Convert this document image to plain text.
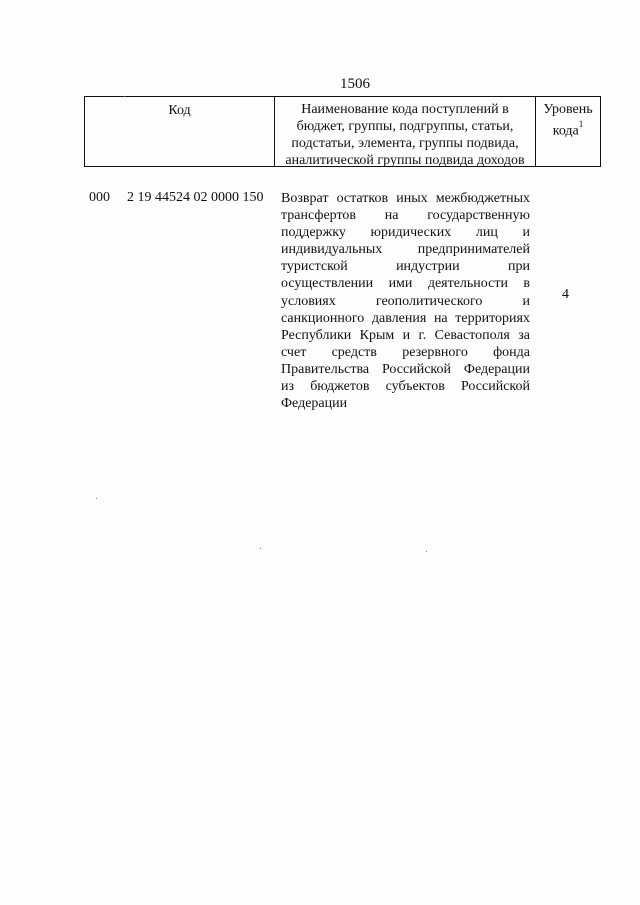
1506
Код	Наименование кода поступлений в
бюджет, группы, подгруппы, статьи,
подстатьи, элемента, группы подвида,
аналитической группы подвида доходов
Уровень
кода$^1$
000 2 19 44524 02 0000 150 Возврат остатков иных межбюджетных
трансфертов на государственную
поддержку юридических лиц и
индивидуальных предпринимателей
туристской индустрии при
осуществлении ими деятельности в
условиях геополитического и
санкционного давления на территориях
Республики Крым и г. Севастополя за
счет средств резервного фонда
Правительства Российской Федерации
из бюджетов субъектов Российской
Федерации
4
